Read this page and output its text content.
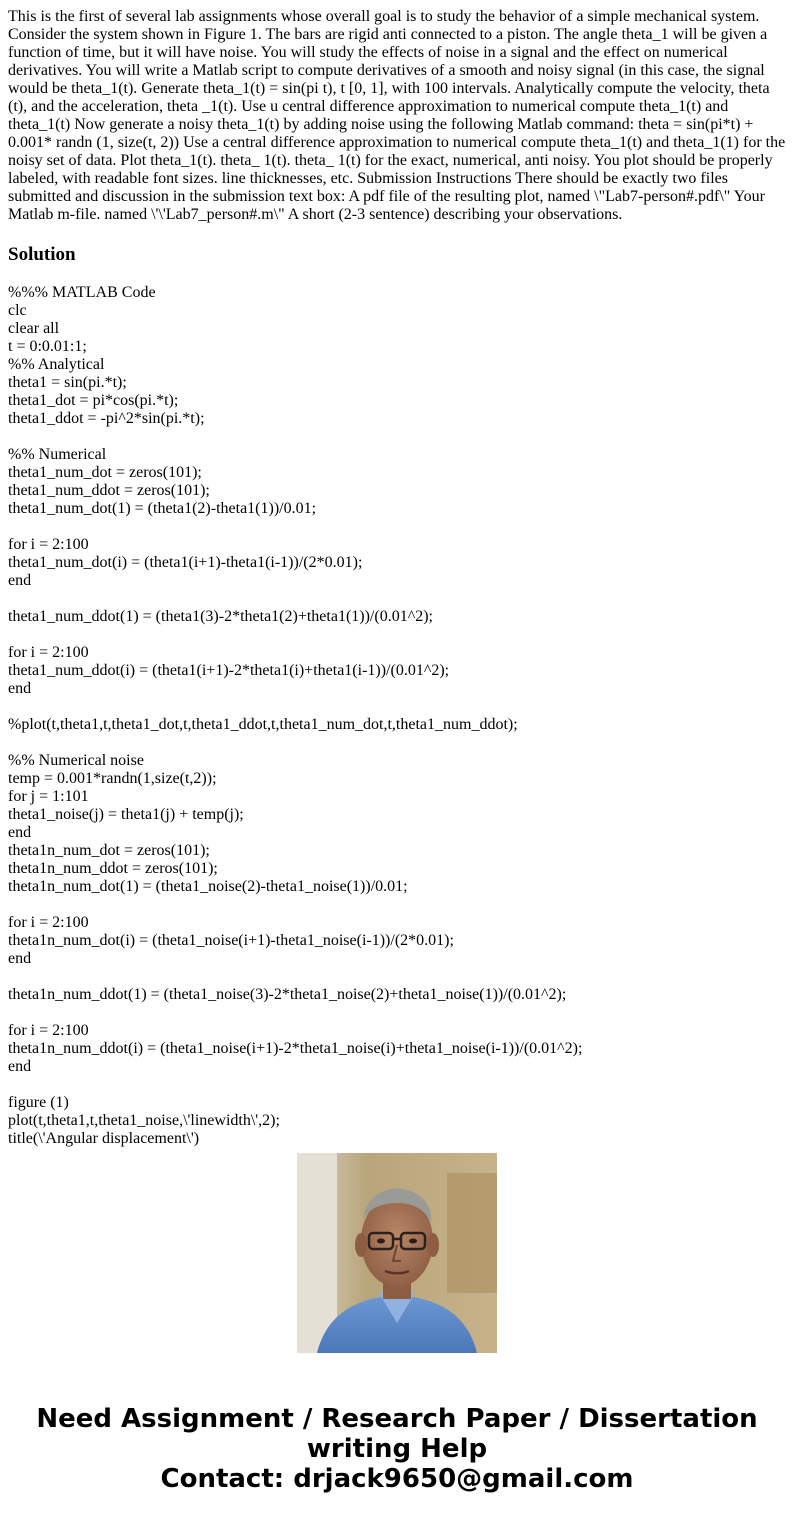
This is the first of several lab assignments whose overall goal is to study the behavior of a simple mechanical system. Consider the system shown in Figure 1. The bars are rigid anti connected to a piston. The angle theta_1 will be given a function of time, but it will have noise. You will study the effects of noise in a signal and the effect on numerical derivatives. You will write a Matlab script to compute derivatives of a smooth and noisy signal (in this case, the signal would be theta_1(t). Generate theta_1(t) = sin(pi t), t [0, 1], with 100 intervals. Analytically compute the velocity, theta (t), and the acceleration, theta _1(t). Use u central difference approximation to numerical compute theta_1(t) and theta_1(t) Now generate a noisy theta_1(t) by adding noise using the following Matlab command: theta = sin(pi*t) + 0.001* randn (1, size(t, 2)) Use a central difference approximation to numerical compute theta_1(t) and theta_1(1) for the noisy set of data. Plot theta_1(t). theta_ 1(t). theta_ 1(t) for the exact, numerical, anti noisy. You plot should be properly labeled, with readable font sizes. line thicknesses, etc. Submission Instructions There should be exactly two files submitted and discussion in the submission text box: A pdf file of the resulting plot, named \"Lab7-person#.pdf\" Your Matlab m-file. named \'\'Lab7_person#.m\" A short (2-3 sentence) describing your observations.

Solution
%%% MATLAB Code
clc
clear all
t = 0:0.01:1;
%% Analytical
theta1 = sin(pi.*t);
theta1_dot = pi*cos(pi.*t);
theta1_ddot = -pi^2*sin(pi.*t);
%% Numerical
theta1_num_dot = zeros(101);
theta1_num_ddot = zeros(101);
theta1_num_dot(1) = (theta1(2)-theta1(1))/0.01;
for i = 2:100
theta1_num_dot(i) = (theta1(i+1)-theta1(i-1))/(2*0.01);
end
theta1_num_ddot(1) = (theta1(3)-2*theta1(2)+theta1(1))/(0.01^2);
for i = 2:100
theta1_num_ddot(i) = (theta1(i+1)-2*theta1(i)+theta1(i-1))/(0.01^2);
end
%plot(t,theta1,t,theta1_dot,t,theta1_ddot,t,theta1_num_dot,t,theta1_num_ddot);
%% Numerical noise
temp = 0.001*randn(1,size(t,2));
for j = 1:101
theta1_noise(j) = theta1(j) + temp(j);
end
theta1n_num_dot = zeros(101);
theta1n_num_ddot = zeros(101);
theta1n_num_dot(1) = (theta1_noise(2)-theta1_noise(1))/0.01;
for i = 2:100
theta1n_num_dot(i) = (theta1_noise(i+1)-theta1_noise(i-1))/(2*0.01);
end
theta1n_num_ddot(1) = (theta1_noise(3)-2*theta1_noise(2)+theta1_noise(1))/(0.01^2);
for i = 2:100
theta1n_num_ddot(i) = (theta1_noise(i+1)-2*theta1_noise(i)+theta1_noise(i-1))/(0.01^2);
end
figure (1)
plot(t,theta1,t,theta1_noise,\'linewidth\',2);
title(\'Angular displacement\')
Need Assignment / Research Paper / Dissertation
writing Help
Contact: drjack9650@gmail.com
